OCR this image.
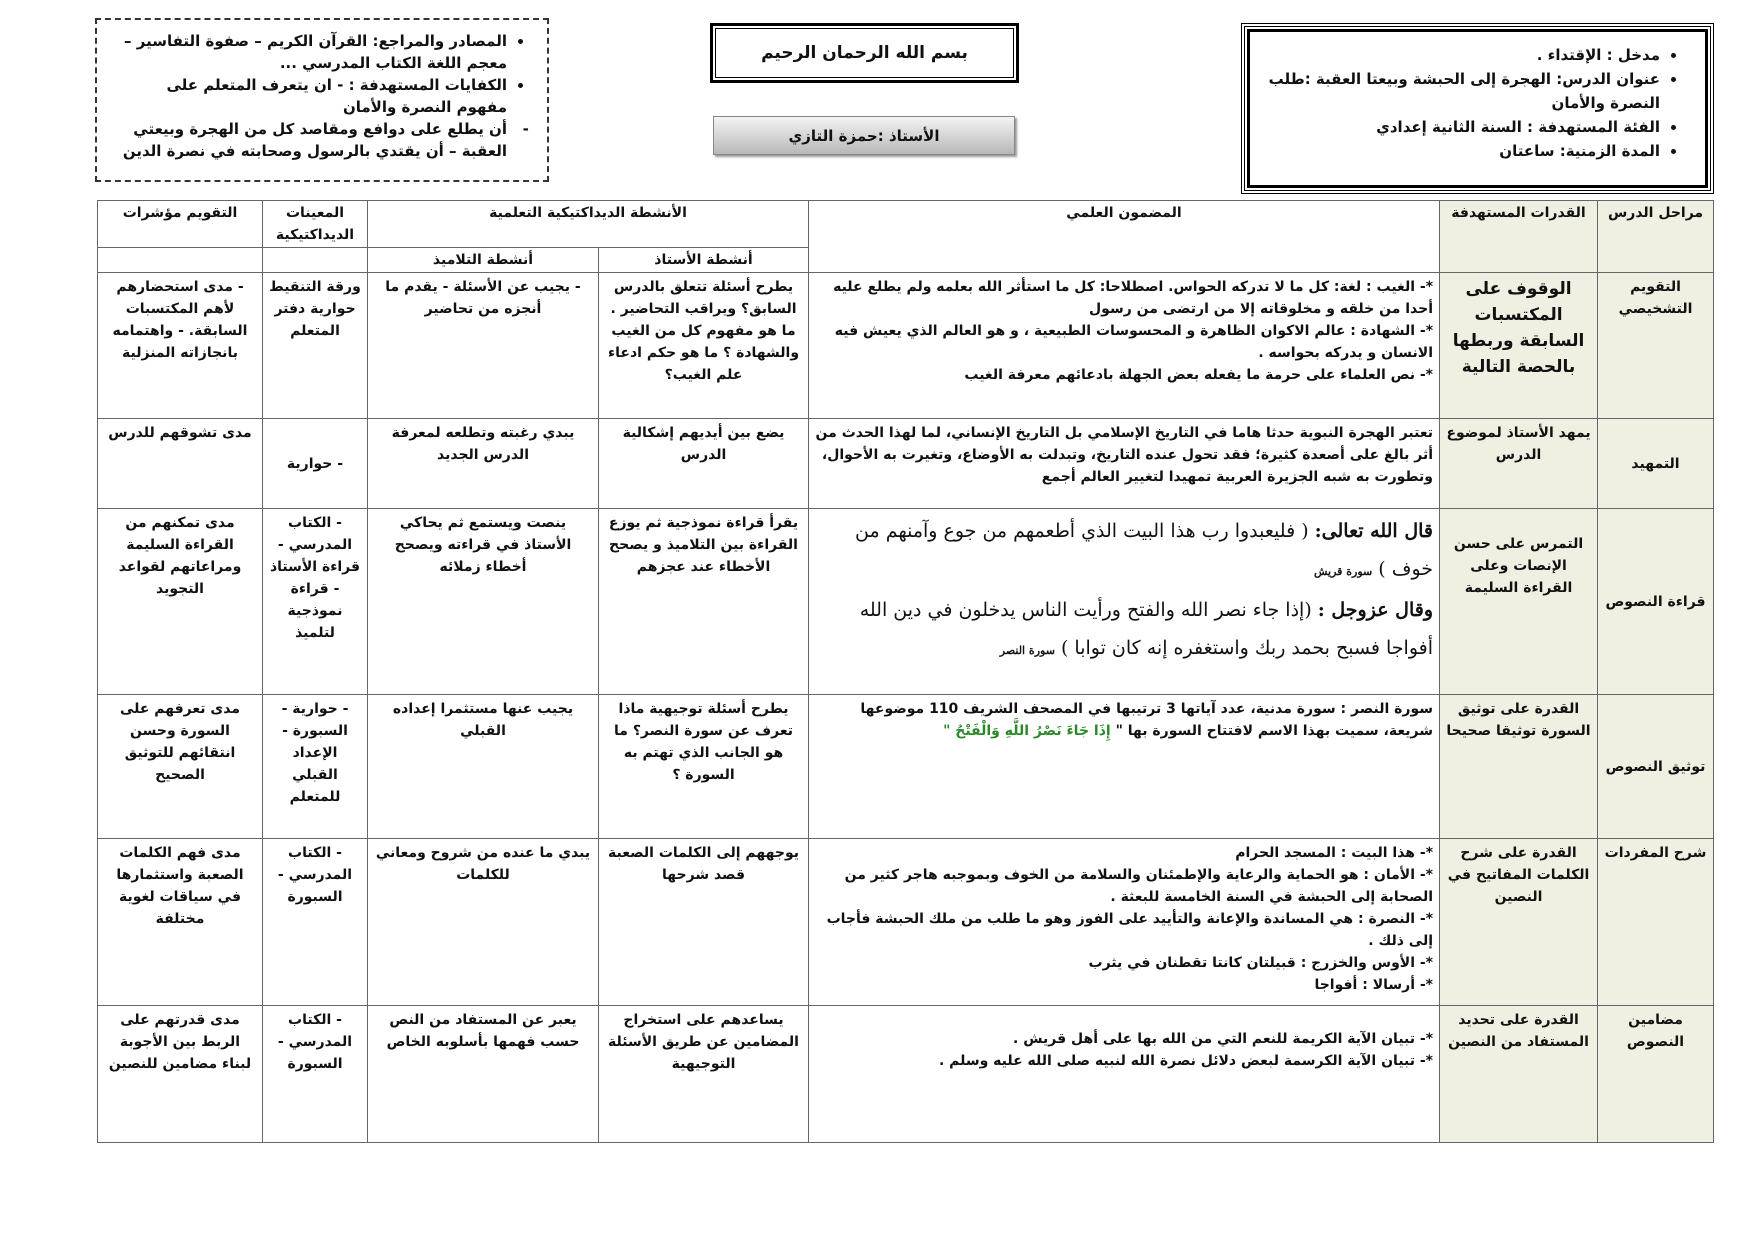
• مدخل : الإقتداء .
• عنوان الدرس: الهجرة إلى الحبشة وبيعتا العقبة :طلب النصرة والأمان
• الفئة المستهدفة : السنة الثانية إعدادي
• المدة الزمنية: ساعتان
• المصادر والمراجع: القرآن الكريم – صفوة التفاسير – معجم اللغة الكتاب المدرسي ...
• الكفايات المستهدفة : - ان يتعرف المتعلم على مفهوم النصرة والأمان
- أن يطلع على دوافع ومقاصد كل من الهجرة وبيعتي العقبة – أن يقتدي بالرسول وصحابته في نصرة الدين
بسم الله الرحمان الرحيم
الأستاذ :حمزة التازي
مراحل الدرس	القدرات المستهدفة	المضمون العلمي	الأنشطة الديداكتيكية التعلمية		المعينات الديداكتيكية	التقويم مؤشرات
			أنشطة الأستاذ	أنشطة التلاميذ		
التقويم التشخيصي	الوقوف على المكتسبات السابقة وربطها بالحصة التالية	*- الغيب : لغة: كل ما لا تدركه الحواس. اصطلاحا: كل ما استأثر الله بعلمه ولم يطلع عليه أحدا من خلقه و مخلوقاته إلا من ارتضى من رسول
*- الشهادة : عالم الاكوان الظاهرة و المحسوسات الطبيعية ، و هو العالم الذي يعيش فيه الانسان و يدركه بحواسه .
*- نص العلماء على حرمة ما يفعله بعض الجهلة بادعائهم معرفة الغيب	يطرح أسئلة تتعلق بالدرس السابق؟ ويراقب التحاضير . ما هو مفهوم كل من الغيب والشهادة ؟ ما هو حكم ادعاء علم الغيب؟	- يجيب عن الأسئلة - يقدم ما أنجزه من تحاضير	ورقة التنقيط حوارية دفتر المتعلم	- مدى استحضارهم لأهم المكتسبات السابقة. - واهتمامه بانجازاته المنزلية
التمهيد	يمهد الأستاذ لموضوع الدرس	تعتبر الهجرة النبوية حدثا هاما في التاريخ الإسلامي بل التاريخ الإنساني، لما لهذا الحدث من أثر بالغ على أصعدة كثيرة؛ فقد تحول عنده التاريخ، وتبدلت به الأوضاع، وتغيرت به الأحوال، وتطورت به شبه الجزيرة العربية تمهيدا لتغيير العالم أجمع	يضع بين أيديهم إشكالية الدرس	يبدي رغبته وتطلعه لمعرفة الدرس الجديد	- حوارية	مدى تشوقهم للدرس
قراءة النصوص	التمرس على حسن الإنصات وعلى القراءة السليمة	قال الله تعالى: ( فليعبدوا رب هذا البيت الذي أطعمهم من جوع وآمنهم من خوف ) سورة قريش
وقال عزوجل : (إذا جاء نصر الله والفتح ورأيت الناس يدخلون في دين الله أفواجا فسبح بحمد ربك واستغفره إنه كان توابا ) سورة النصر	يقرأ قراءة نموذجية ثم يوزع القراءة بين التلاميذ و يصحح الأخطاء عند عجزهم	ينصت ويستمع ثم يحاكي الأستاذ في قراءته ويصحح أخطاء زملائه	- الكتاب المدرسي - قراءة الأستاذ - قراءة نموذجية لتلميذ	مدى تمكنهم من القراءة السليمة ومراعاتهم لقواعد التجويد
توثيق النصوص	القدرة على توثيق السورة توثيقا صحيحا	سورة النصر : سورة مدنية، عدد آياتها 3 ترتيبها في المصحف الشريف 110 موضوعها شريعة، سميت بهذا الاسم لافتتاح السورة بها " إِذَا جَاءَ نَصْرُ اللَّهِ وَالْفَتْحُ "	يطرح أسئلة توجيهية ماذا تعرف عن سورة النصر؟ ما هو الجانب الذي تهتم به السورة ؟	يجيب عنها مستثمرا إعداده القبلي	- حوارية - السبورة - الإعداد القبلي للمتعلم	مدى تعرفهم على السورة وحسن انتقائهم للتوثيق الصحيح
شرح المفردات	القدرة على شرح الكلمات المفاتيح في النصين	*- هذا البيت : المسجد الحرام
*- الأمان : هو الحماية والرعاية والإطمئنان والسلامة من الخوف وبموجبه هاجر كثير من الصحابة إلى الحبشة في السنة الخامسة للبعثة .
*- النصرة : هي المساندة والإعانة والتأييد على الفوز وهو ما طلب من ملك الحبشة فأجاب إلى ذلك .
*- الأوس والخزرج : قبيلتان كانتا تقطنان في يثرب
*- أرسالا : أفواجا	يوجههم إلى الكلمات الصعبة قصد شرحها	يبدي ما عنده من شروح ومعاني للكلمات	- الكتاب المدرسي - السبورة	مدى فهم الكلمات الصعبة واستثمارها في سياقات لغوية مختلفة
مضامين النصوص	القدرة على تحديد المستفاد من النصين	*- تبيان الآية الكريمة للنعم التي من الله بها على أهل قريش .
*- تبيان الآية الكرسمة لبعض دلائل نصرة الله لنبيه صلى الله عليه وسلم .	يساعدهم على استخراج المضامين عن طريق الأسئلة التوجيهية	يعبر عن المستفاد من النص حسب فهمها بأسلوبه الخاص	- الكتاب المدرسي - السبورة	مدى قدرتهم على الربط بين الأجوبة لبناء مضامين للنصين
